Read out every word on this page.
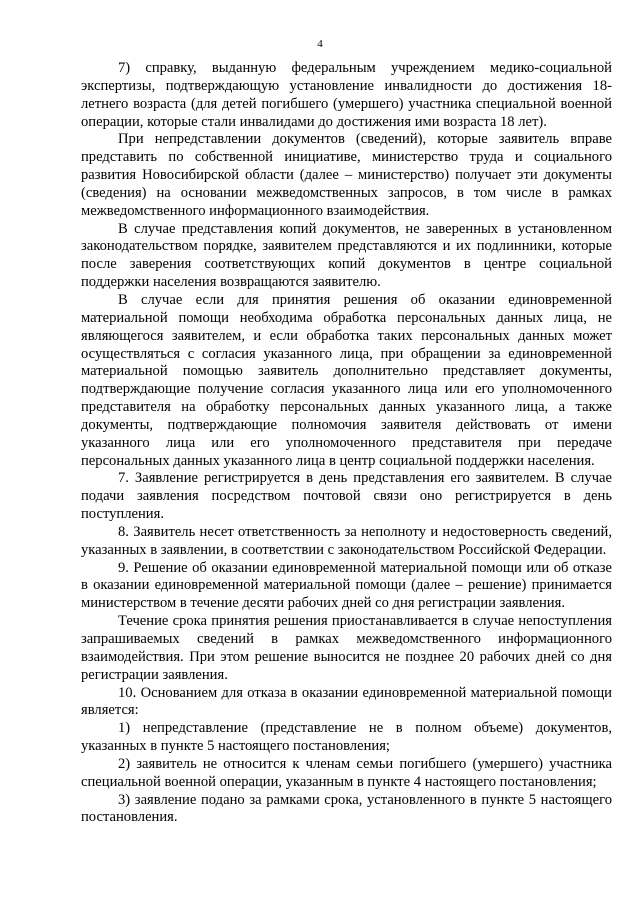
4

7) справку, выданную федеральным учреждением медико-социальной экспертизы, подтверждающую установление инвалидности до достижения 18-летнего возраста (для детей погибшего (умершего) участника специальной военной операции, которые стали инвалидами до достижения ими возраста 18 лет).

При непредставлении документов (сведений), которые заявитель вправе представить по собственной инициативе, министерство труда и социального развития Новосибирской области (далее – министерство) получает эти документы (сведения) на основании межведомственных запросов, в том числе в рамках межведомственного информационного взаимодействия.

В случае представления копий документов, не заверенных в установленном законодательством порядке, заявителем представляются и их подлинники, которые после заверения соответствующих копий документов в центре социальной поддержки населения возвращаются заявителю.

В случае если для принятия решения об оказании единовременной материальной помощи необходима обработка персональных данных лица, не являющегося заявителем, и если обработка таких персональных данных может осуществляться с согласия указанного лица, при обращении за единовременной материальной помощью заявитель дополнительно представляет документы, подтверждающие получение согласия указанного лица или его уполномоченного представителя на обработку персональных данных указанного лица, а также документы, подтверждающие полномочия заявителя действовать от имени указанного лица или его уполномоченного представителя при передаче персональных данных указанного лица в центр социальной поддержки населения.

7. Заявление регистрируется в день представления его заявителем. В случае подачи заявления посредством почтовой связи оно регистрируется в день поступления.

8. Заявитель несет ответственность за неполноту и недостоверность сведений, указанных в заявлении, в соответствии с законодательством Российской Федерации.

9. Решение об оказании единовременной материальной помощи или об отказе в оказании единовременной материальной помощи (далее – решение) принимается министерством в течение десяти рабочих дней со дня регистрации заявления.

Течение срока принятия решения приостанавливается в случае непоступления запрашиваемых сведений в рамках межведомственного информационного взаимодействия. При этом решение выносится не позднее 20 рабочих дней со дня регистрации заявления.

10. Основанием для отказа в оказании единовременной материальной помощи является:

1) непредставление (представление не в полном объеме) документов, указанных в пункте 5 настоящего постановления;

2) заявитель не относится к членам семьи погибшего (умершего) участника специальной военной операции, указанным в пункте 4 настоящего постановления;

3) заявление подано за рамками срока, установленного в пункте 5 настоящего постановления.
